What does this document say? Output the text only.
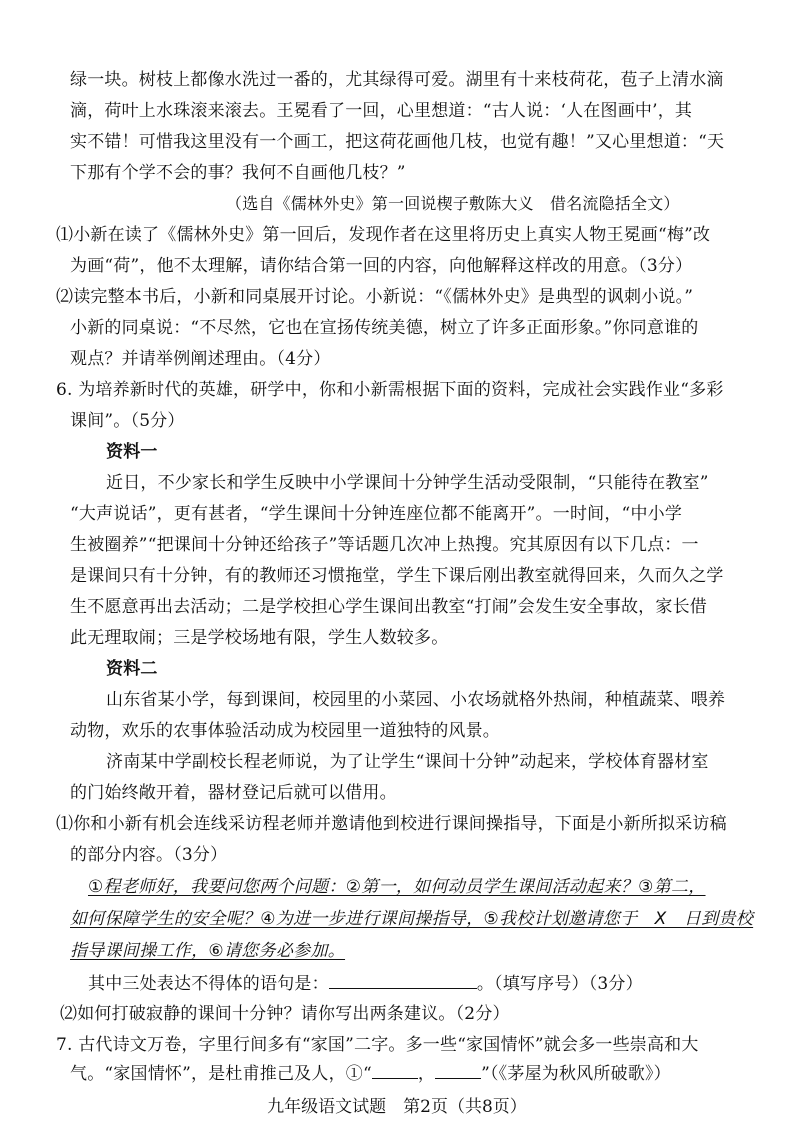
绿一块。树枝上都像水洗过一番的，尤其绿得可爱。湖里有十来枝荷花，苞子上清水滴
滴，荷叶上水珠滚来滚去。王冕看了一回，心里想道：“古人说：‘人在图画中’，其
实不错！可惜我这里没有一个画工，把这荷花画他几枝，也觉有趣！”又心里想道：“天
下那有个学不会的事？我何不自画他几枝？”
（选自《儒林外史》第一回说楔子敷陈大义　借名流隐括全文）
⑴小新在读了《儒林外史》第一回后，发现作者在这里将历史上真实人物王冕画“梅”改
为画“荷”，他不太理解，请你结合第一回的内容，向他解释这样改的用意。（3分）
⑵读完整本书后，小新和同桌展开讨论。小新说：“《儒林外史》是典型的讽刺小说。”
小新的同桌说：“不尽然，它也在宣扬传统美德，树立了许多正面形象。”你同意谁的
观点？并请举例阐述理由。（4分）
6. 为培养新时代的英雄，研学中，你和小新需根据下面的资料，完成社会实践作业“多彩
课间”。（5分）
资料一
近日，不少家长和学生反映中小学课间十分钟学生活动受限制，“只能待在教室”
“大声说话”，更有甚者，“学生课间十分钟连座位都不能离开”。一时间，“中小学
生被圈养”“把课间十分钟还给孩子”等话题几次冲上热搜。究其原因有以下几点：一
是课间只有十分钟，有的教师还习惯拖堂，学生下课后刚出教室就得回来，久而久之学
生不愿意再出去活动；二是学校担心学生课间出教室“打闹”会发生安全事故，家长借
此无理取闹；三是学校场地有限，学生人数较多。
资料二
山东省某小学，每到课间，校园里的小菜园、小农场就格外热闹，种植蔬菜、喂养
动物，欢乐的农事体验活动成为校园里一道独特的风景。
济南某中学副校长程老师说，为了让学生“课间十分钟”动起来，学校体育器材室
的门始终敞开着，器材登记后就可以借用。
⑴你和小新有机会连线采访程老师并邀请他到校进行课间操指导，下面是小新所拟采访稿
的部分内容。（3分）
①程老师好，我要问您两个问题：②第一，如何动员学生课间活动起来？③第二，
如何保障学生的安全呢？④为进一步进行课间操指导，⑤我校计划邀请您于　X　日到贵校
指导课间操工作，⑥请您务必参加。
其中三处表达不得体的语句是：	。（填写序号）（3分）
⑵如何打破寂静的课间十分钟？请你写出两条建议。（2分）
7. 古代诗文万卷，字里行间多有“家国”二字。多一些“家国情怀”就会多一些崇高和大
气。“家国情怀”，是杜甫推己及人，①“	，	”（《茅屋为秋风所破歌》）
九年级语文试题　第2页（共8页）
